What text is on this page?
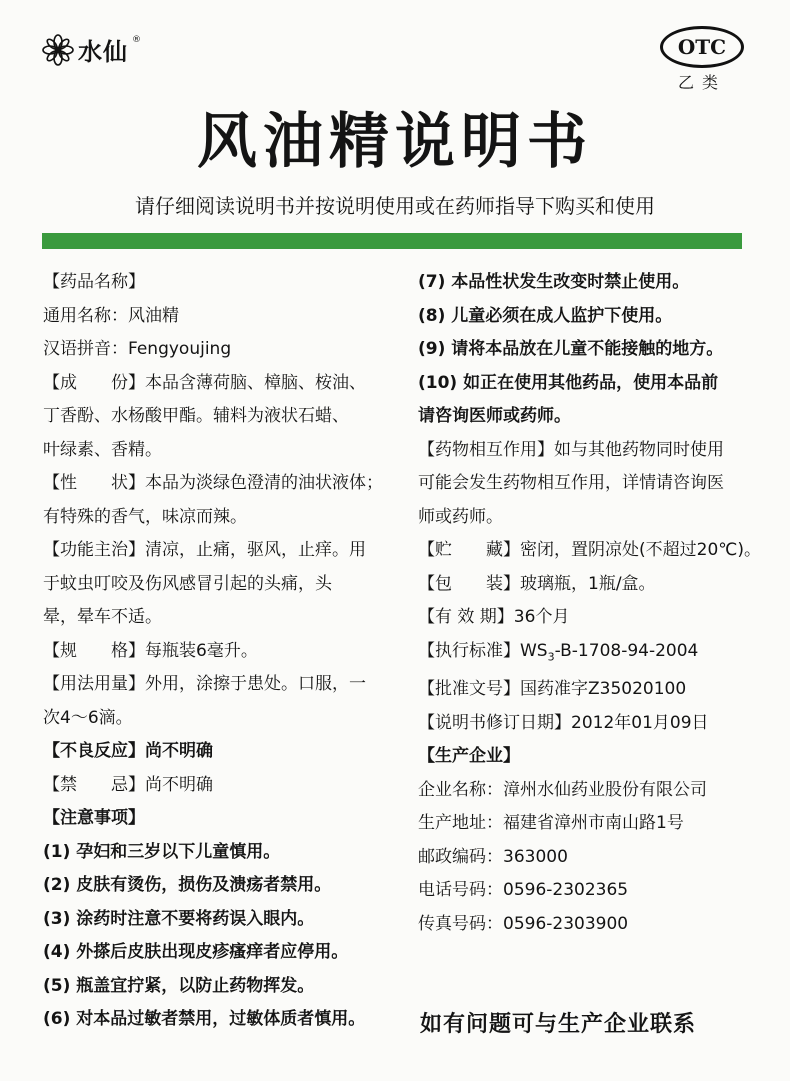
水仙 ®	OTC
乙类
风油精说明书
请仔细阅读说明书并按说明使用或在药师指导下购买和使用
【药品名称】
通用名称：风油精
汉语拼音：Fengyoujing
【成　　份】本品含薄荷脑、樟脑、桉油、
丁香酚、水杨酸甲酯。辅料为液状石蜡、
叶绿素、香精。
【性　　状】本品为淡绿色澄清的油状液体；
有特殊的香气，味凉而辣。
【功能主治】清凉，止痛，驱风，止痒。用
于蚊虫叮咬及伤风感冒引起的头痛，头
晕，晕车不适。
【规　　格】每瓶装6毫升。
【用法用量】外用，涂擦于患处。口服，一
次4～6滴。
【不良反应】尚不明确
【禁　　忌】尚不明确
【注意事项】
(1) 孕妇和三岁以下儿童慎用。
(2) 皮肤有烫伤，损伤及溃疡者禁用。
(3) 涂药时注意不要将药误入眼内。
(4) 外搽后皮肤出现皮疹瘙痒者应停用。
(5) 瓶盖宜拧紧，以防止药物挥发。
(6) 对本品过敏者禁用，过敏体质者慎用。
(7) 本品性状发生改变时禁止使用。
(8) 儿童必须在成人监护下使用。
(9) 请将本品放在儿童不能接触的地方。
(10) 如正在使用其他药品，使用本品前
请咨询医师或药师。
【药物相互作用】如与其他药物同时使用
可能会发生药物相互作用，详情请咨询医
师或药师。
【贮　　藏】密闭，置阴凉处(不超过20℃)。
【包　　装】玻璃瓶，1瓶/盒。
【有 效 期】36个月
【执行标准】$WS_3-B-1708-94-2004$
【批准文号】国药准字Z35020100
【说明书修订日期】2012年01月09日
【生产企业】
企业名称：漳州水仙药业股份有限公司
生产地址：福建省漳州市南山路1号
邮政编码：363000
电话号码：0596-2302365
传真号码：0596-2303900
如有问题可与生产企业联系
